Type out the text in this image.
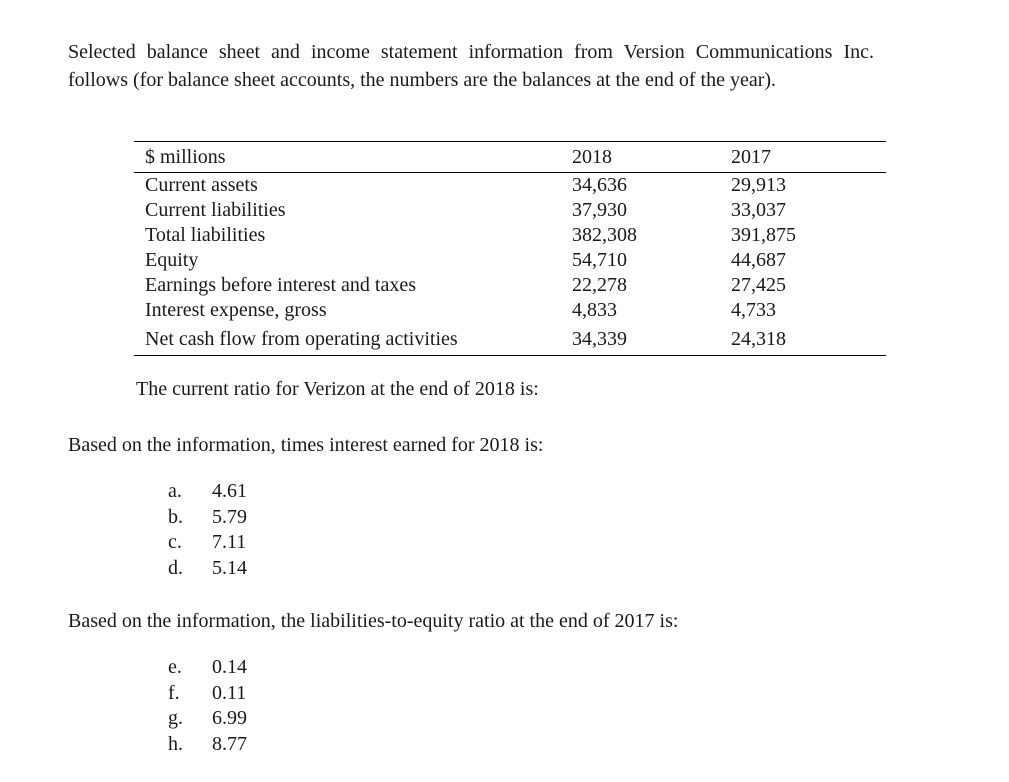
Selected balance sheet and income statement information from Version Communications Inc. follows (for balance sheet accounts, the numbers are the balances at the end of the year).

$ millions	2018	2017
Current assets	34,636	29,913
Current liabilities	37,930	33,037
Total liabilities	382,308	391,875
Equity	54,710	44,687
Earnings before interest and taxes	22,278	27,425
Interest expense, gross	4,833	4,733
Net cash flow from operating activities	34,339	24,318

The current ratio for Verizon at the end of 2018 is:

Based on the information, times interest earned for 2018 is:

a.	4.61
b.	5.79
c.	7.11
d.	5.14

Based on the information, the liabilities-to-equity ratio at the end of 2017 is:

e.	0.14
f.	0.11
g.	6.99
h.	8.77
